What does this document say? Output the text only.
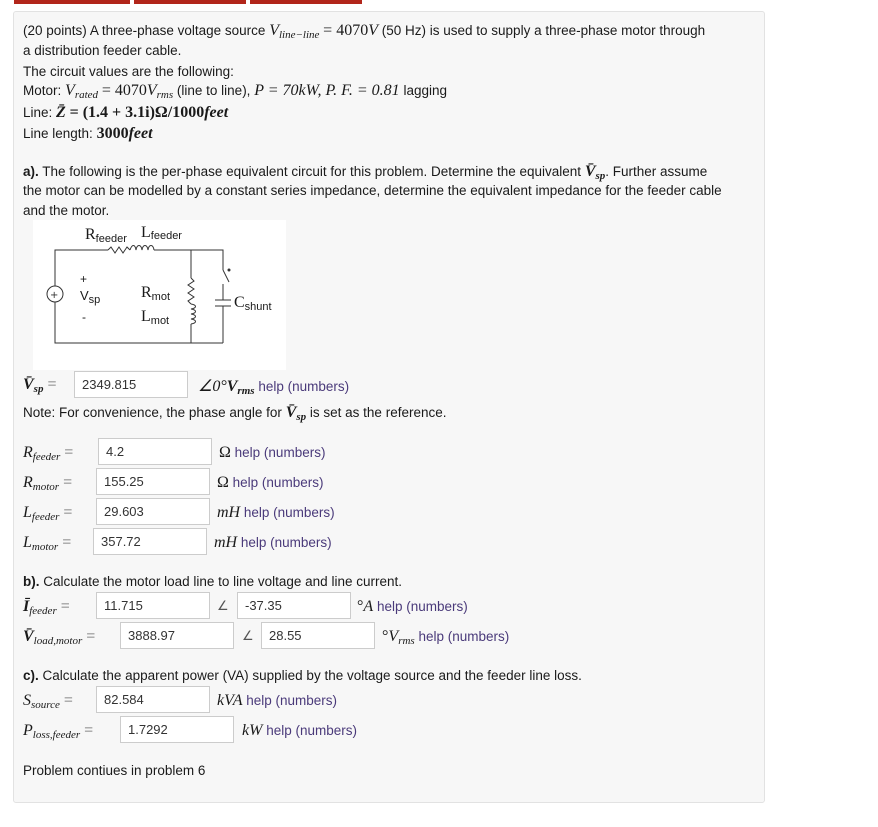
(20 points) A three-phase voltage source $V_{line-line} = 4070V$ (50 Hz) is used to supply a three-phase motor through
a distribution feeder cable.
The circuit values are the following:
Motor: $V_{rated} = 4070V_{rms}$ (line to line), P = 70kW, P. F. = 0.81 lagging
Line: Z̄ = (1.4 + 3.1i)Ω/1000feet
Line length: 3000feet
a). The following is the per-phase equivalent circuit for this problem. Determine the equivalent $V̄_{sp}$. Further assume
the motor can be modelled by a constant series impedance, determine the equivalent impedance for the feeder cable
and the motor.
+
$R_{feeder}$ Lfeeder
+
$V_{sp}$
-
$R_{mot}$
$L_{mot}$
$C_{shunt}$
$V̄_{sp}$ =	2349.815	$\angle 0^\circ V_{rms}$ help (numbers)
Note: For convenience, the phase angle for $V̄_{sp}$ is set as the reference.
$R_{feeder}$ =	4.2	Ω help (numbers)
$R_{motor}$ =	155.25	Ω help (numbers)
$L_{feeder}$ =	29.603	mH help (numbers)
$L_{motor}$ =	357.72	mH help (numbers)
b). Calculate the motor load line to line voltage and line current.
$Ī_{feeder}$ =	11.715	∠	-37.35	°A help (numbers)
$V̄_{load,motor}$ =	3888.97	∠	28.55	$^\circ V_{rms}$ help (numbers)
c). Calculate the apparent power (VA) supplied by the voltage source and the feeder line loss.
$S_{source}$ =	82.584	kVA help (numbers)
$P_{loss,feeder}$ =	1.7292	kW help (numbers)
Problem contiues in problem 6
